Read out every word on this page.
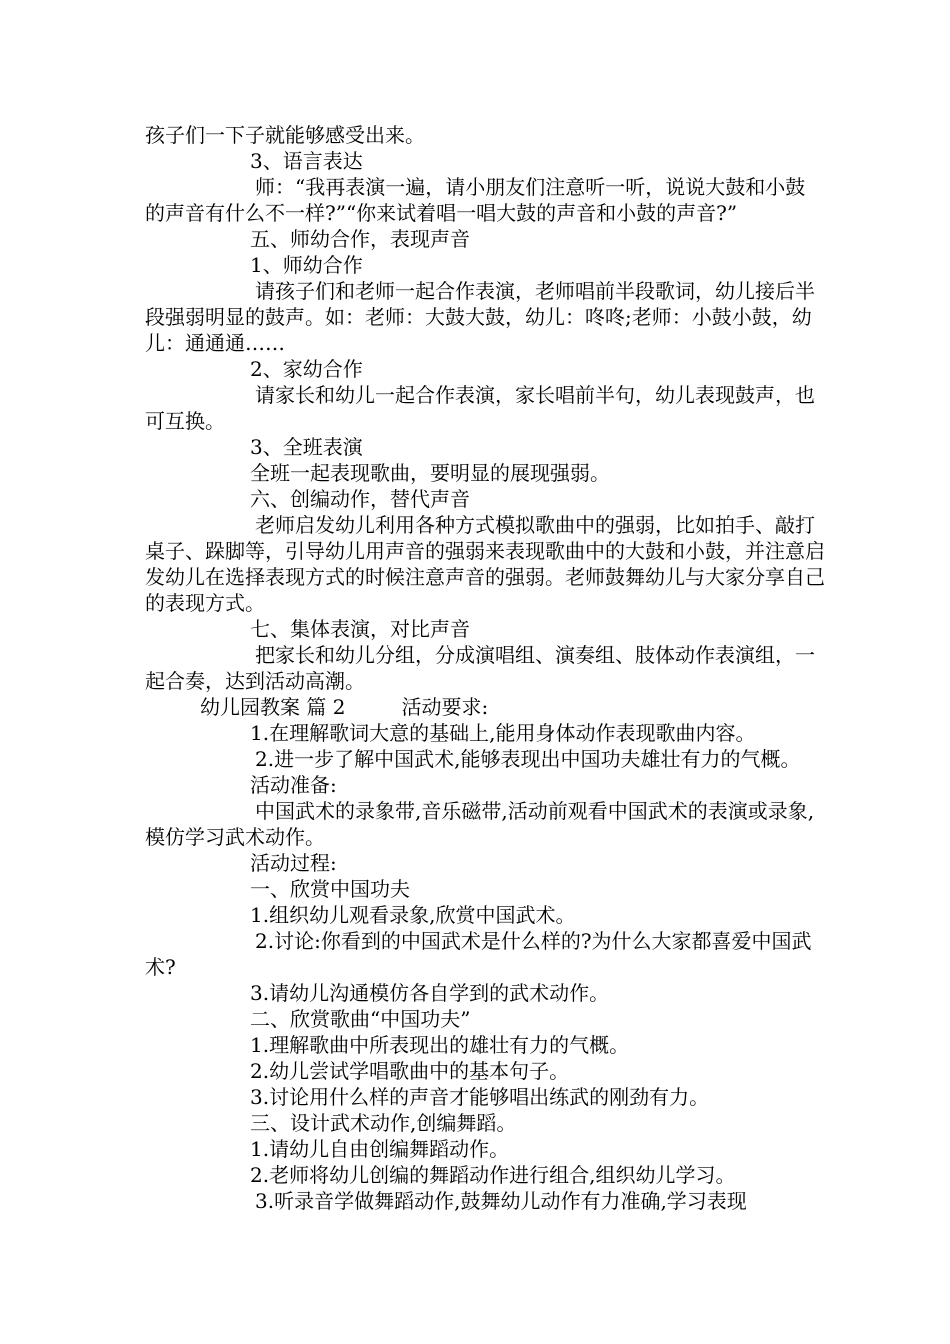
孩子们一下子就能够感受出来。

3、语言表达

师：“我再表演一遍，请小朋友们注意听一听，说说大鼓和小鼓的声音有什么不一样?”“你来试着唱一唱大鼓的声音和小鼓的声音?”

五、师幼合作，表现声音

1、师幼合作

请孩子们和老师一起合作表演，老师唱前半段歌词，幼儿接后半段强弱明显的鼓声。如：老师：大鼓大鼓，幼儿：咚咚;老师：小鼓小鼓，幼儿：通通通……

2、家幼合作

请家长和幼儿一起合作表演，家长唱前半句，幼儿表现鼓声，也可互换。

3、全班表演

全班一起表现歌曲，要明显的展现强弱。

六、创编动作，替代声音

老师启发幼儿利用各种方式模拟歌曲中的强弱，比如拍手、敲打桌子、跺脚等，引导幼儿用声音的强弱来表现歌曲中的大鼓和小鼓，并注意启发幼儿在选择表现方式的时候注意声音的强弱。老师鼓舞幼儿与大家分享自己的表现方式。

七、集体表演，对比声音

把家长和幼儿分组，分成演唱组、演奏组、肢体动作表演组，一起合奏，达到活动高潮。

幼儿园教案 篇 2	活动要求:

1.在理解歌词大意的基础上,能用身体动作表现歌曲内容。

2.进一步了解中国武术,能够表现出中国功夫雄壮有力的气概。

活动准备:

中国武术的录象带,音乐磁带,活动前观看中国武术的表演或录象,模仿学习武术动作。

活动过程:

一、欣赏中国功夫

1.组织幼儿观看录象,欣赏中国武术。

2.讨论:你看到的中国武术是什么样的?为什么大家都喜爱中国武术?

3.请幼儿沟通模仿各自学到的武术动作。

二、欣赏歌曲“中国功夫”

1.理解歌曲中所表现出的雄壮有力的气概。

2.幼儿尝试学唱歌曲中的基本句子。

3.讨论用什么样的声音才能够唱出练武的刚劲有力。

三、设计武术动作,创编舞蹈。

1.请幼儿自由创编舞蹈动作。

2.老师将幼儿创编的舞蹈动作进行组合,组织幼儿学习。

3.听录音学做舞蹈动作,鼓舞幼儿动作有力准确,学习表现
